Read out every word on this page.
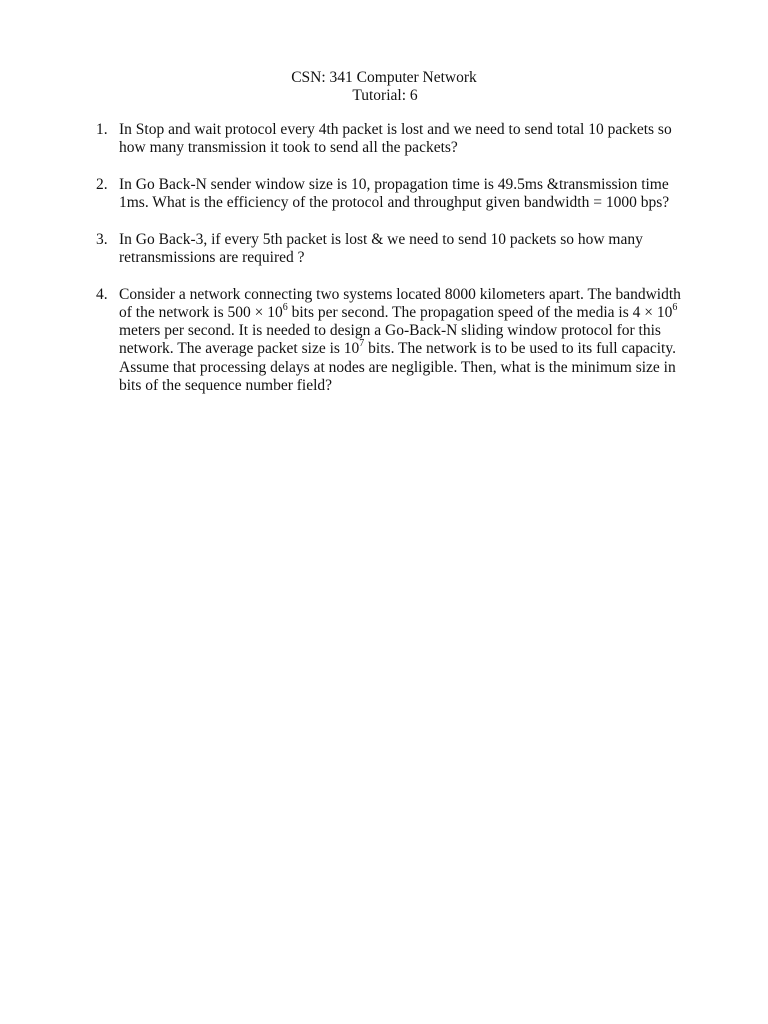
CSN: 341 Computer Network
Tutorial: 6
1. In Stop and wait protocol every 4th packet is lost and we need to send total 10 packets so how many transmission it took to send all the packets?
2. In Go Back-N sender window size is 10, propagation time is 49.5ms &transmission time 1ms. What is the efficiency of the protocol and throughput given bandwidth = 1000 bps?
3. In Go Back-3, if every 5th packet is lost & we need to send 10 packets so how many retransmissions are required ?
4. Consider a network connecting two systems located 8000 kilometers apart. The bandwidth of the network is $500 \times 10^6$ bits per second. The propagation speed of the media is $4 \times 10^6$ meters per second. It is needed to design a Go-Back-N sliding window protocol for this network. The average packet size is $10^7$ bits. The network is to be used to its full capacity. Assume that processing delays at nodes are negligible. Then, what is the minimum size in bits of the sequence number field?
